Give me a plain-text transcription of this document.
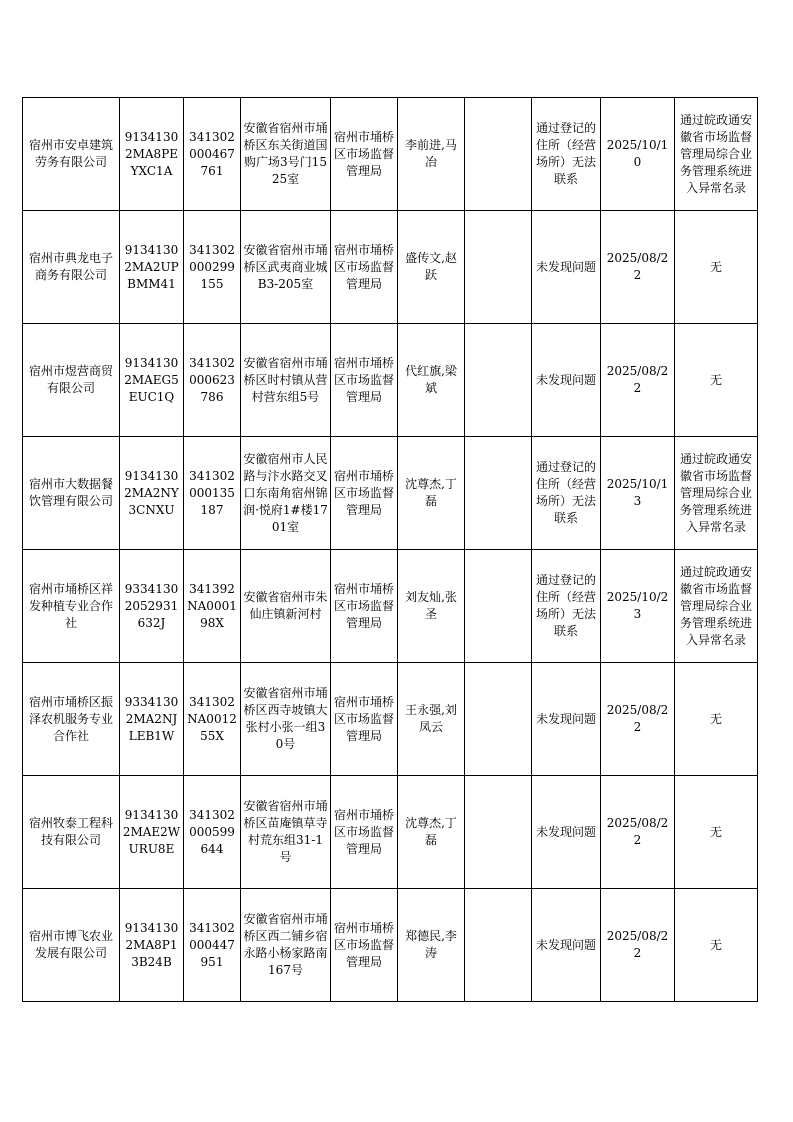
宿州市安卓建筑劳务有限公司	91341302MA8PEYXC1A	34130200046776​1	安徽省宿州市埇桥区东关街道国购广场3号门1525室	宿州市埇桥区市场监督管理局	李前进,马冶		通过登记的住所（经营场所）无法联系	2025/10/10	通过皖政通安徽省市场监督管理局综合业务管理系统进入异常名录
宿州市典龙电子商务有限公司	91341302MA2UPBMM41	341302000299155	安徽省宿州市埇桥区武夷商业城B3-205室	宿州市埇桥区市场监督管理局	盛传文,赵跃		未发现问题	2025/08/22	无
宿州市煜营商贸有限公司	91341302MAEG5EUC1Q	341302000623786	安徽省宿州市埇桥区时村镇从营村营东组5号	宿州市埇桥区市场监督管理局	代红旗,梁斌		未发现问题	2025/08/22	无
宿州市大数据餐饮管理有限公司	91341302MA2NY3CNXU	341302000135187	安徽宿州市人民路与汴水路交叉口东南角宿州锦润·悦府1#楼1701室	宿州市埇桥区市场监督管理局	沈尊杰,丁磊		通过登记的住所（经营场所）无法联系	2025/10/13	通过皖政通安徽省市场监督管理局综合业务管理系统进入异常名录
宿州市埇桥区祥发种植专业合作社	93341302052931632J	341392NA000198X	安徽省宿州市朱仙庄镇新河村	宿州市埇桥区市场监督管理局	刘友灿,张圣		通过登记的住所（经营场所）无法联系	2025/10/23	通过皖政通安徽省市场监督管理局综合业务管理系统进入异常名录
宿州市埇桥区振泽农机服务专业合作社	93341302MA2NJLEB1W	341302NA001255X	安徽省宿州市埇桥区西寺坡镇大张村小张一组30号	宿州市埇桥区市场监督管理局	王永强,刘凤云		未发现问题	2025/08/22	无
宿州牧泰工程科技有限公司	91341302MAE2WURU8E	341302000599644	安徽省宿州市埇桥区苗庵镇草寺村荒东组31-1号	宿州市埇桥区市场监督管理局	沈尊杰,丁磊		未发现问题	2025/08/22	无
宿州市博飞农业发展有限公司	91341302MA8P13B24B	341302000447951	安徽省宿州市埇桥区西二铺乡宿永路小杨家路南167号	宿州市埇桥区市场监督管理局	郑德民,李涛		未发现问题	2025/08/22	无
